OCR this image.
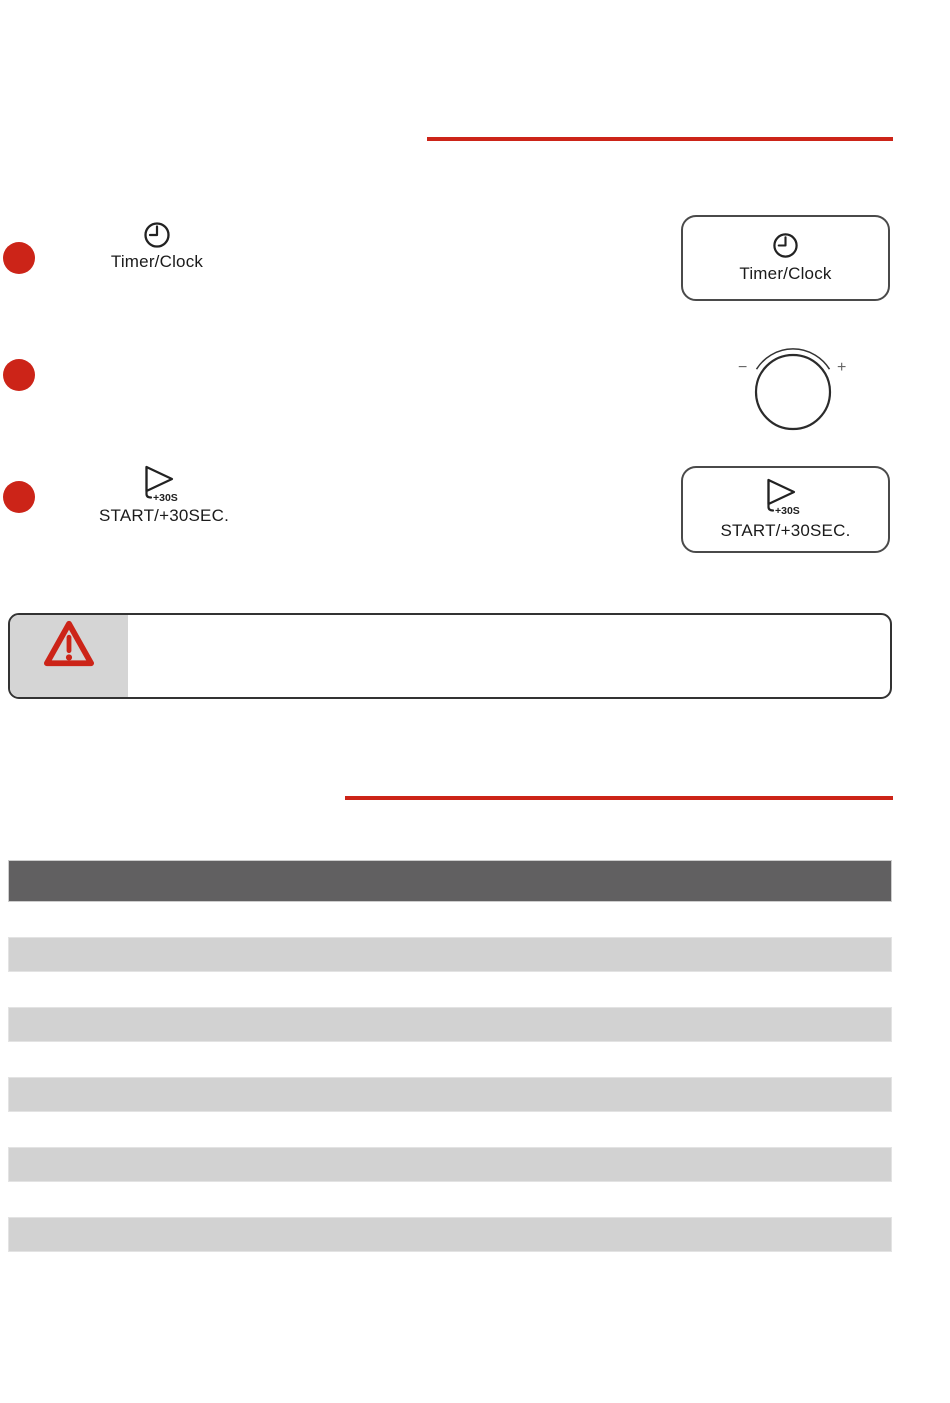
Timer/Clock
+30S
START/+30SEC.
Timer/Clock
−	+
+30S
START/+30SEC.
